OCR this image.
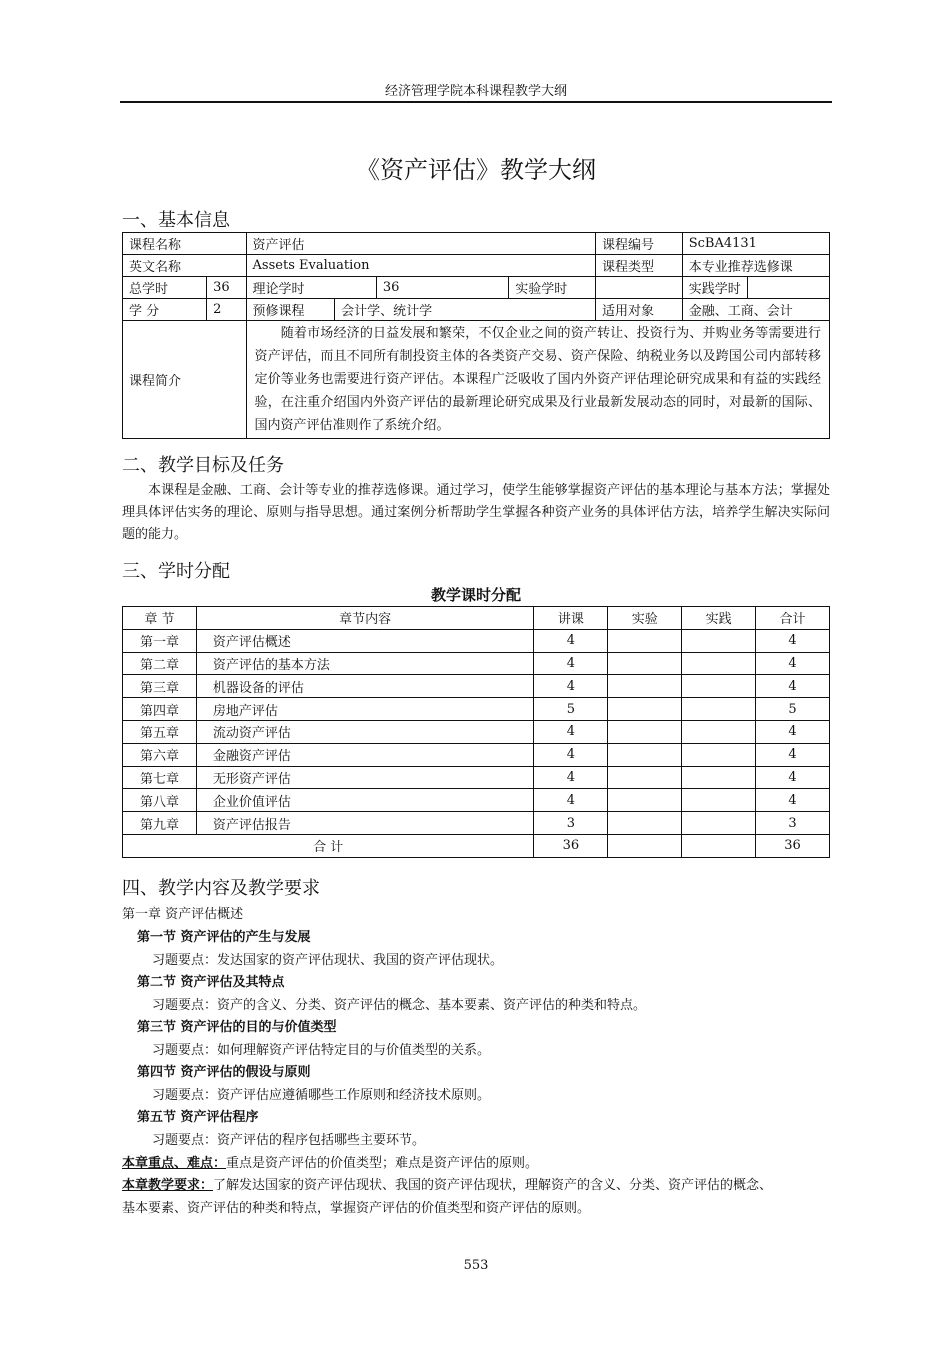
经济管理学院本科课程教学大纲
《资产评估》教学大纲
一、基本信息
课程名称		资产评估				课程编号	ScBA4131	
英文名称		Assets Evaluation				课程类型	本专业推荐选修课	
总学时	36	理论学时		36	实验学时		实践学时	
学 分	2	预修课程	会计学、统计学			适用对象	金融、工商、会计	
课程简介		随着市场经济的日益发展和繁荣，不仅企业之间的资产转让、投资行为、并购业务等需要进行资产评估，而且不同所有制投资主体的各类资产交易、资产保险、纳税业务以及跨国公司内部转移定价等业务也需要进行资产评估。本课程广泛吸收了国内外资产评估理论研究成果和有益的实践经验，在注重介绍国内外资产评估的最新理论研究成果及行业最新发展动态的同时，对最新的国际、国内资产评估准则作了系统介绍。						
二、教学目标及任务

本课程是金融、工商、会计等专业的推荐选修课。通过学习，使学生能够掌握资产评估的基本理论与基本方法；掌握处理具体评估实务的理论、原则与指导思想。通过案例分析帮助学生掌握各种资产业务的具体评估方法，培养学生解决实际问题的能力。

三、学时分配
教学课时分配
章 节	章节内容	讲课	实验	实践	合计
第一章	资产评估概述	4			4
第二章	资产评估的基本方法	4			4
第三章	机器设备的评估	4			4
第四章	房地产评估	5			5
第五章	流动资产评估	4			4
第六章	金融资产评估	4			4
第七章	无形资产评估	4			4
第八章	企业价值评估	4			4
第九章	资产评估报告	3			3
合 计		36			36
四、教学内容及教学要求
第一章 资产评估概述
第一节 资产评估的产生与发展
习题要点：发达国家的资产评估现状、我国的资产评估现状。
第二节 资产评估及其特点
习题要点：资产的含义、分类、资产评估的概念、基本要素、资产评估的种类和特点。
第三节 资产评估的目的与价值类型
习题要点：如何理解资产评估特定目的与价值类型的关系。
第四节 资产评估的假设与原则
习题要点：资产评估应遵循哪些工作原则和经济技术原则。
第五节 资产评估程序
习题要点：资产评估的程序包括哪些主要环节。
本章重点、难点：重点是资产评估的价值类型；难点是资产评估的原则。
本章教学要求：了解发达国家的资产评估现状、我国的资产评估现状，理解资产的含义、分类、资产评估的概念、
基本要素、资产评估的种类和特点，掌握资产评估的价值类型和资产评估的原则。
553
